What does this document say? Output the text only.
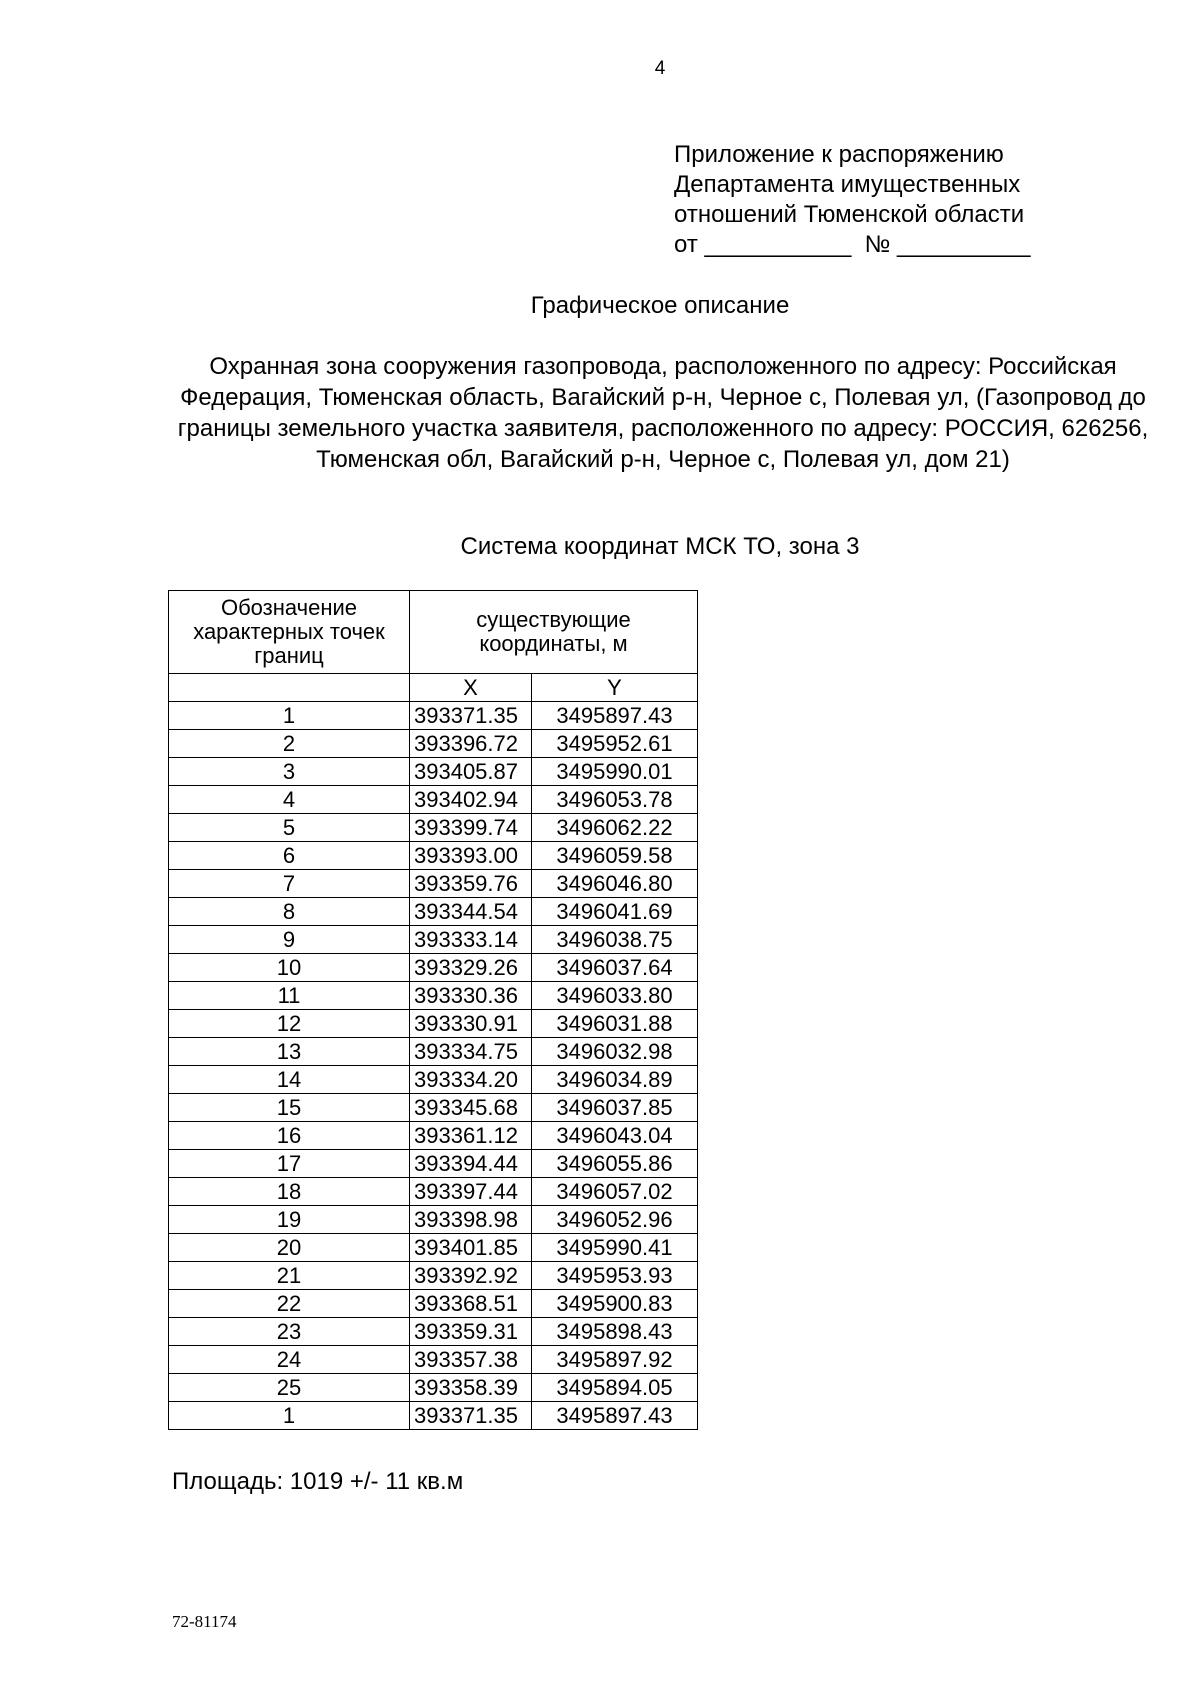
4
Приложение к распоряжению
Департамента имущественных
отношений Тюменской области
от ___________  № __________
Графическое описание
Охранная зона сооружения газопровода, расположенного по адресу: Российская Федерация, Тюменская область, Вагайский р-н, Черное с, Полевая ул, (Газопровод до границы земельного участка заявителя, расположенного по адресу: РОССИЯ, 626256, Тюменская обл, Вагайский р-н, Черное с, Полевая ул, дом 21)
Система координат МСК ТО, зона 3
Обозначение характерных точек границ	существующие координаты, м	
	X	Y
1	393371.35	3495897.43
2	393396.72	3495952.61
3	393405.87	3495990.01
4	393402.94	3496053.78
5	393399.74	3496062.22
6	393393.00	3496059.58
7	393359.76	3496046.80
8	393344.54	3496041.69
9	393333.14	3496038.75
10	393329.26	3496037.64
11	393330.36	3496033.80
12	393330.91	3496031.88
13	393334.75	3496032.98
14	393334.20	3496034.89
15	393345.68	3496037.85
16	393361.12	3496043.04
17	393394.44	3496055.86
18	393397.44	3496057.02
19	393398.98	3496052.96
20	393401.85	3495990.41
21	393392.92	3495953.93
22	393368.51	3495900.83
23	393359.31	3495898.43
24	393357.38	3495897.92
25	393358.39	3495894.05
1	393371.35	3495897.43
Площадь: 1019 +/- 11 кв.м
72-81174
